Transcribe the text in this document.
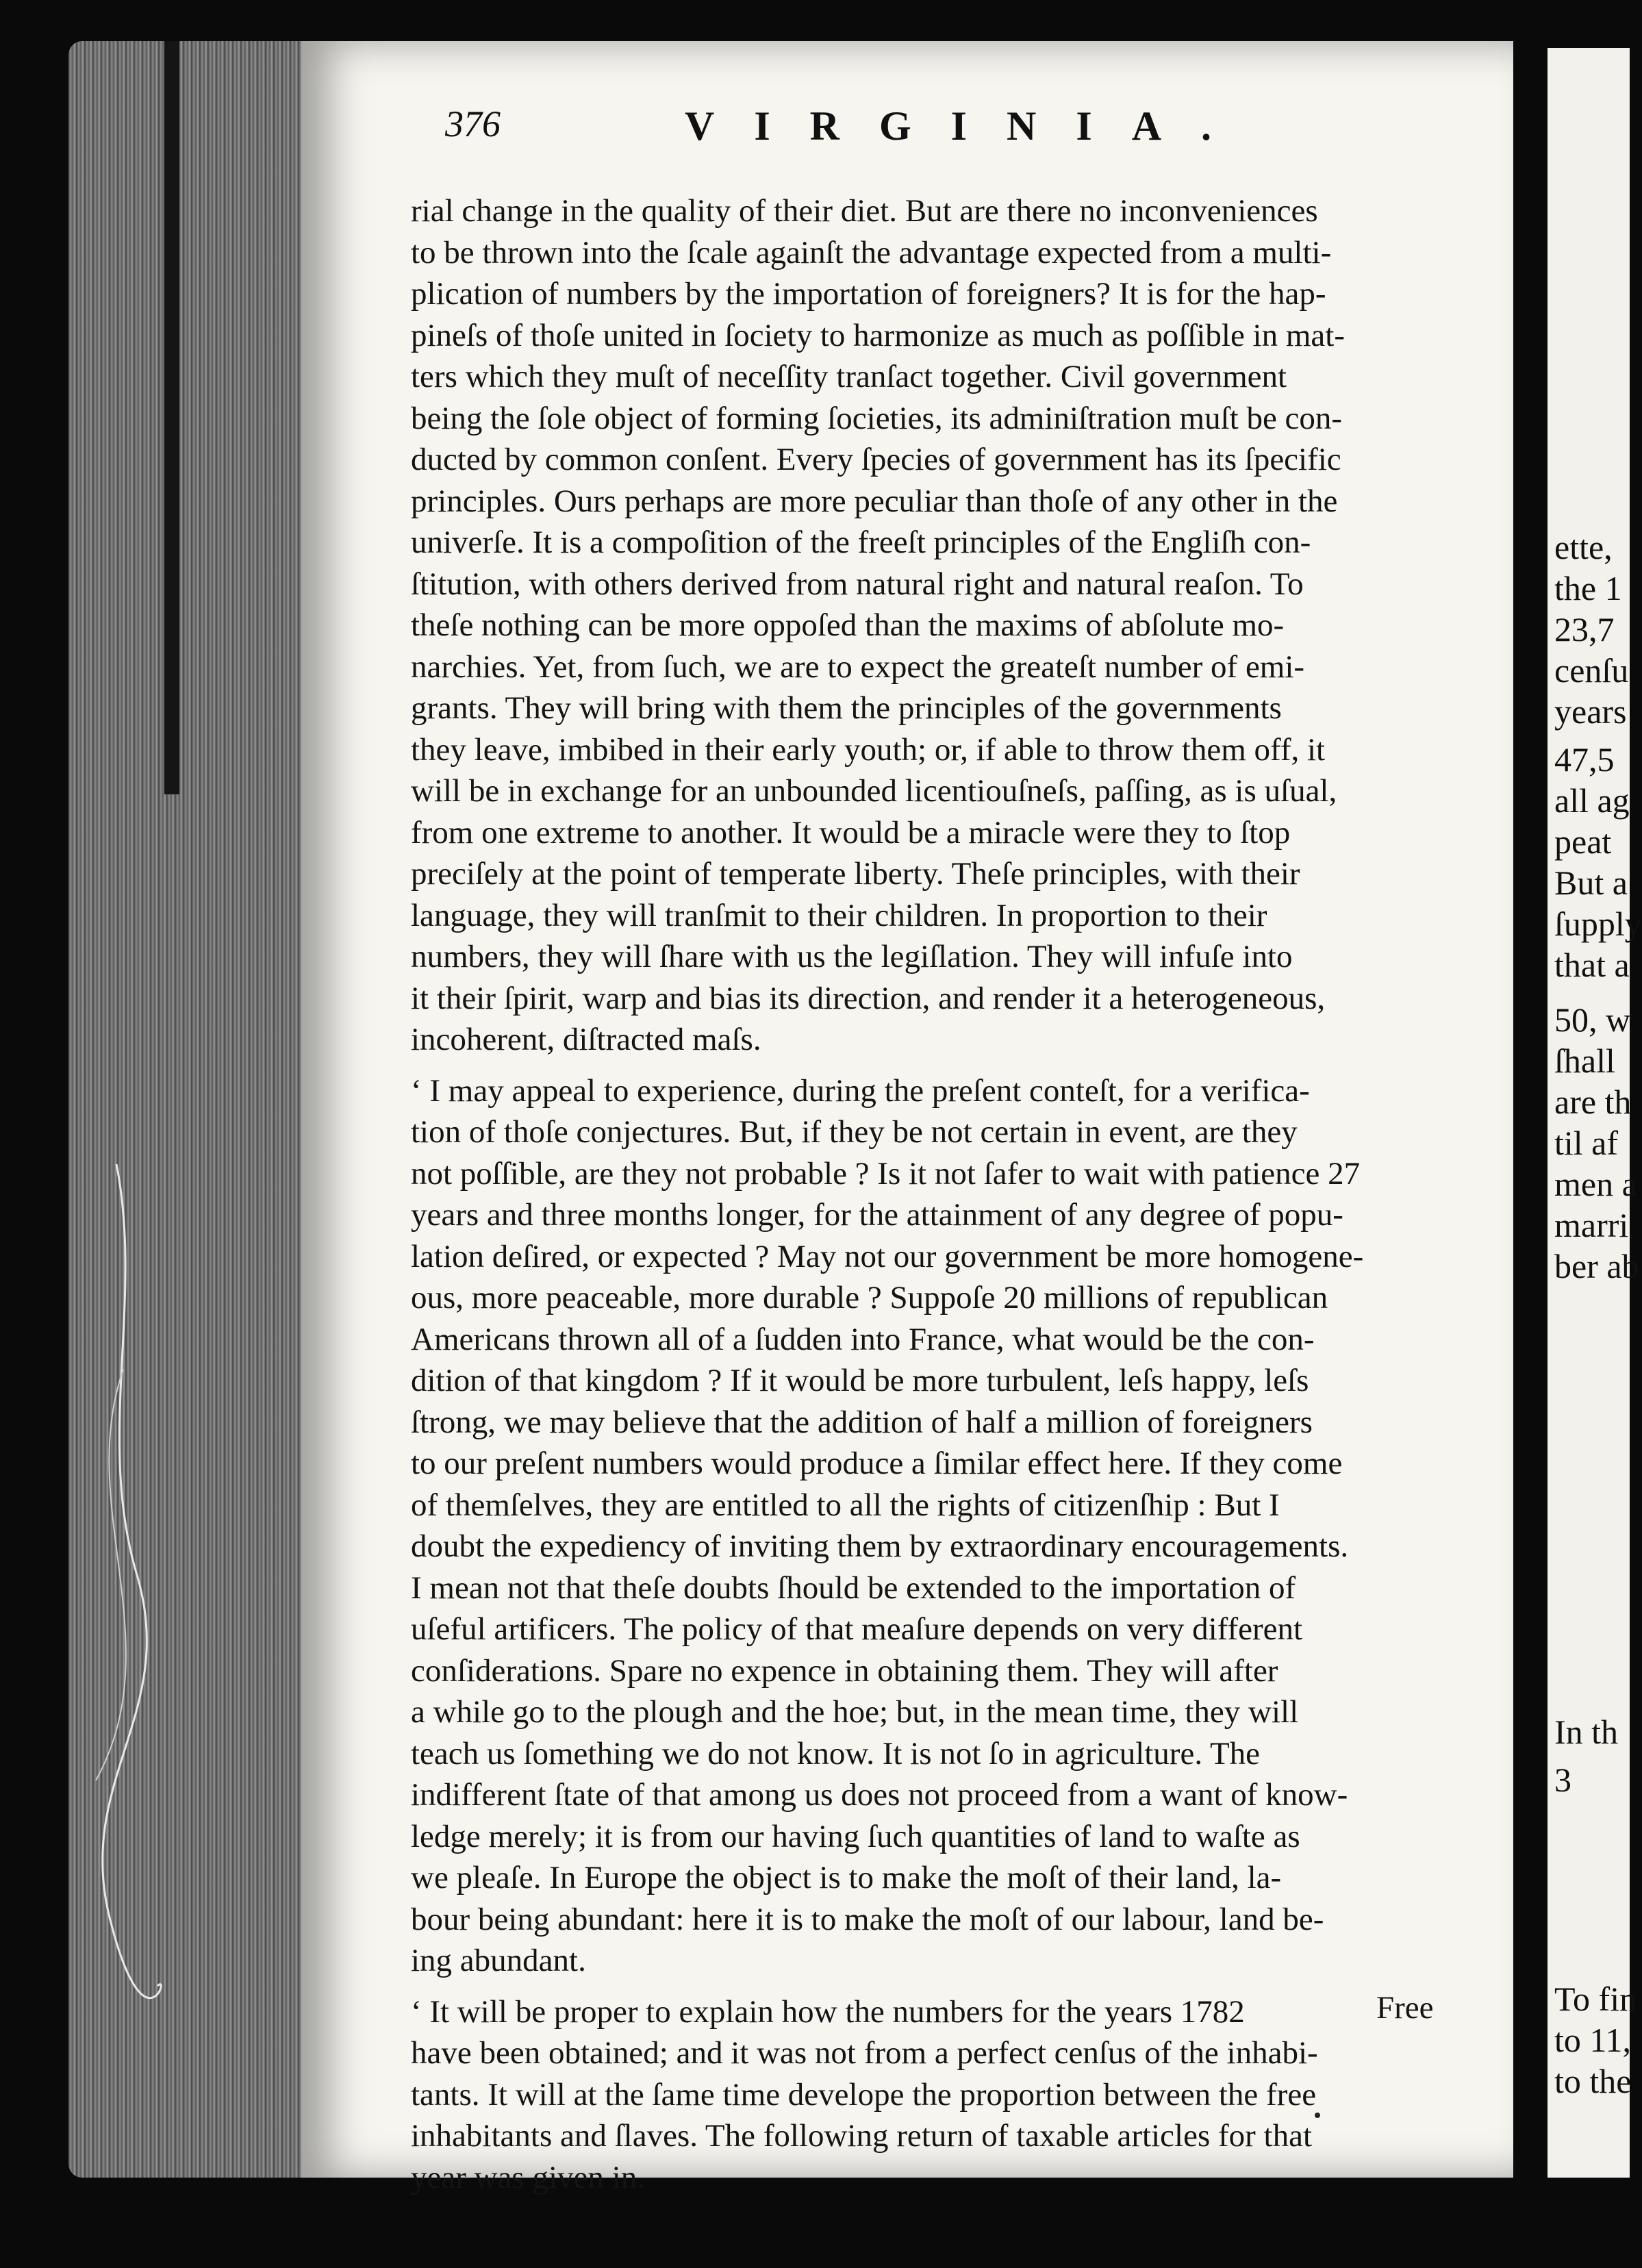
ette,
the 1
23,7
cenſu
years
47,5
all ag
peat
But a
ſupply
that a
50, w
ſhall
are th
til af
men a
marri
ber ab
In th
3
To fin
to 11,
to the
376	VIRGINIA.

rial change in the quality of their diet. But are there no inconveniences
to be thrown into the ſcale againſt the advantage expected from a multi-
plication of numbers by the importation of foreigners? It is for the hap-
pineſs of thoſe united in ſociety to harmonize as much as poſſible in mat-
ters which they muſt of neceſſity tranſact together. Civil government
being the ſole object of forming ſocieties, its adminiſtration muſt be con-
ducted by common conſent. Every ſpecies of government has its ſpecific
principles. Ours perhaps are more peculiar than thoſe of any other in the
univerſe. It is a compoſition of the freeſt principles of the Engliſh con-
ſtitution, with others derived from natural right and natural reaſon. To
theſe nothing can be more oppoſed than the maxims of abſolute mo-
narchies. Yet, from ſuch, we are to expect the greateſt number of emi-
grants. They will bring with them the principles of the governments
they leave, imbibed in their early youth; or, if able to throw them off, it
will be in exchange for an unbounded licentiouſneſs, paſſing, as is uſual,
from one extreme to another. It would be a miracle were they to ſtop
preciſely at the point of temperate liberty. Theſe principles, with their
language, they will tranſmit to their children. In proportion to their
numbers, they will ſhare with us the legiſlation. They will infuſe into
it their ſpirit, warp and bias its direction, and render it a heterogeneous,
incoherent, diſtracted maſs.

‘ I may appeal to experience, during the preſent conteſt, for a verifica-
tion of thoſe conjectures. But, if they be not certain in event, are they
not poſſible, are they not probable ? Is it not ſafer to wait with patience 27
years and three months longer, for the attainment of any degree of popu-
lation deſired, or expected ? May not our government be more homogene-
ous, more peaceable, more durable ? Suppoſe 20 millions of republican
Americans thrown all of a ſudden into France, what would be the con-
dition of that kingdom ? If it would be more turbulent, leſs happy, leſs
ſtrong, we may believe that the addition of half a million of foreigners
to our preſent numbers would produce a ſimilar effect here. If they come
of themſelves, they are entitled to all the rights of citizenſhip : But I
doubt the expediency of inviting them by extraordinary encouragements.
I mean not that theſe doubts ſhould be extended to the importation of
uſeful artificers. The policy of that meaſure depends on very different
conſiderations. Spare no expence in obtaining them. They will after
a while go to the plough and the hoe; but, in the mean time, they will
teach us ſomething we do not know. It is not ſo in agriculture. The
indifferent ſtate of that among us does not proceed from a want of know-
ledge merely; it is from our having ſuch quantities of land to waſte as
we pleaſe. In Europe the object is to make the moſt of their land, la-
bour being abundant: here it is to make the moſt of our labour, land be-
ing abundant.

‘ It will be proper to explain how the numbers for the years 1782
have been obtained; and it was not from a perfect cenſus of the inhabi-
tants. It will at the ſame time develope the proportion between the free
inhabitants and ſlaves. The following return of taxable articles for that
year was given in.

Free
